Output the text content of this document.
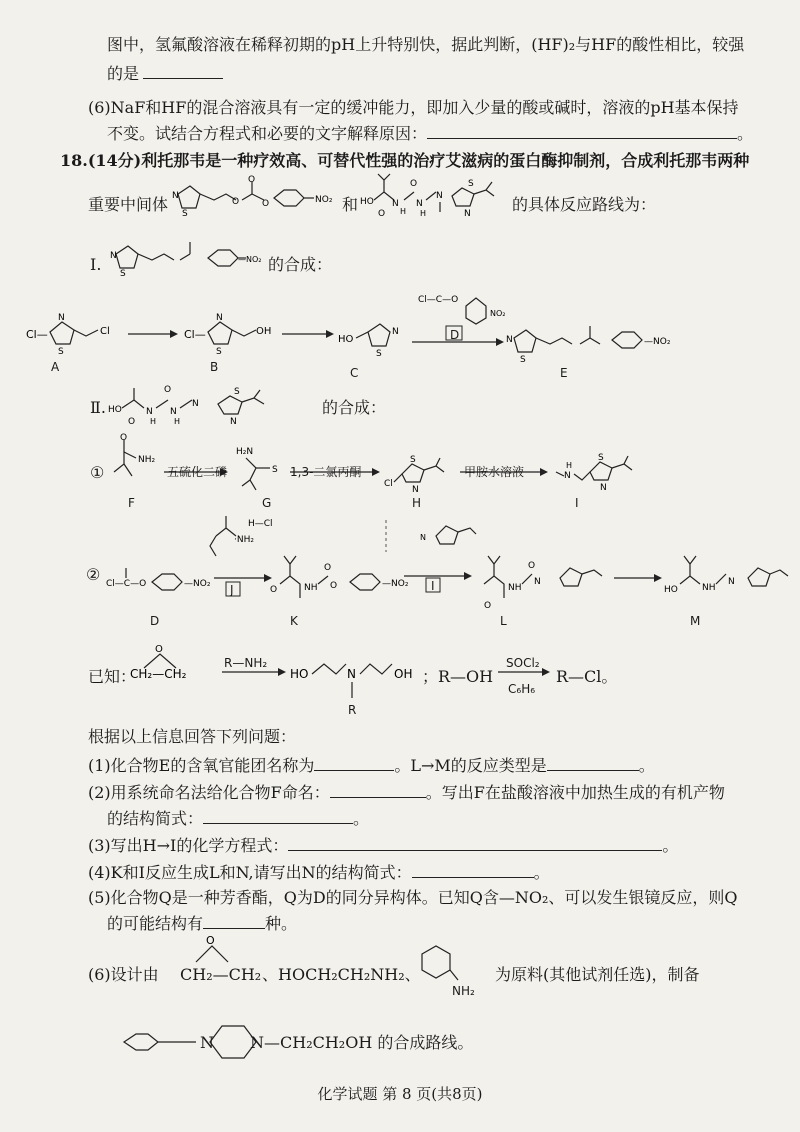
图中，氢氟酸溶液在稀释初期的pH上升特别快，据此判断，(HF)₂与HF的酸性相比，较强
的是
(6)NaF和HF的混合溶液具有一定的缓冲能力，即加入少量的酸或碱时，溶液的pH基本保持
不变。试结合方程式和必要的文字解释原因：	。
18.(14分)利托那韦是一种疗效高、可替代性强的治疗艾滋病的蛋白酶抑制剂，合成利托那韦两种
重要中间体 N
S
O
O
O	NO₂ 和 HO
O
N
H
O
N
H
N
N
S
的具体反应路线为：
Ⅰ. N
S
—NO₂ 的合成：
Cl—
N
S
Cl	Cl—
N
S
OH
HO
N
S
Cl—C—O
NO₂
N
S
—NO₂
A	B	C
D
E
Ⅱ. HO
O
N
H
O
N
H
N
N
S
的合成：
①
O
NH₂
H₂N
S
Cl
S
N
N
H
S
N
五硫化二磷	1,3-二氯丙酮	甲胺水溶液
F	G	H	I
② Cl—C—O	—NO₂
·NH₂
H—Cl
O	NH
O
O	—NO₂
N
O
NH
O
N
HO	NH
N
D
J
K
I
L	M
已知：
CH₂—CH₂
O
HO	N	OH
R—NH₂
R
；R—OH
SOCl₂
C₆H₆
R—Cl。
根据以上信息回答下列问题：
(1)化合物E的含氧官能团名称为	。L→M的反应类型是	。
(2)用系统命名法给化合物F命名：	。写出F在盐酸溶液中加热生成的有机产物
的结构简式：	。
(3)写出H→I的化学方程式：	。
(4)K和I反应生成L和N,请写出N的结构简式：	。
(5)化合物Q是一种芳香酯，Q为D的同分异构体。已知Q含—NO₂、可以发生银镜反应，则Q
的可能结构有	种。
(6)设计由 CH₂—CH₂
O
、HOCH₂CH₂NH₂、
NH₂
为原料(其他试剂任选)，制备
N N—CH₂CH₂OH 的合成路线。
化学试题 第 8 页(共8页)
